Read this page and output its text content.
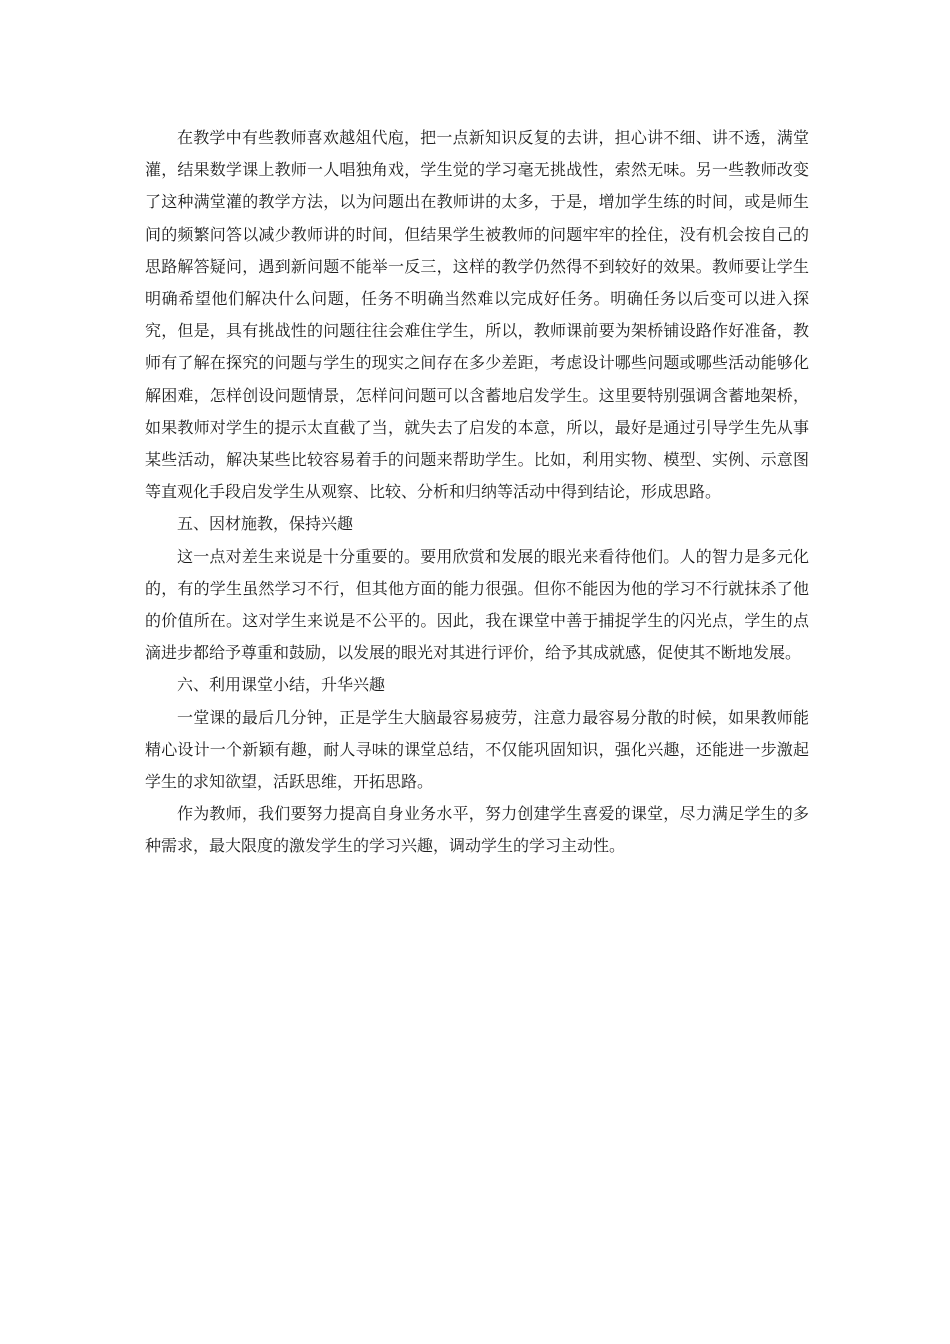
在教学中有些教师喜欢越俎代庖，把一点新知识反复的去讲，担心讲不细、讲不透，满堂灌，结果数学课上教师一人唱独角戏，学生觉的学习毫无挑战性，索然无味。另一些教师改变了这种满堂灌的教学方法，以为问题出在教师讲的太多，于是，增加学生练的时间，或是师生间的频繁问答以减少教师讲的时间，但结果学生被教师的问题牢牢的拴住，没有机会按自己的思路解答疑问，遇到新问题不能举一反三，这样的教学仍然得不到较好的效果。教师要让学生明确希望他们解决什么问题，任务不明确当然难以完成好任务。明确任务以后变可以进入探究，但是，具有挑战性的问题往往会难住学生，所以，教师课前要为架桥铺设路作好准备，教师有了解在探究的问题与学生的现实之间存在多少差距，考虑设计哪些问题或哪些活动能够化解困难，怎样创设问题情景，怎样问问题可以含蓄地启发学生。这里要特别强调含蓄地架桥，如果教师对学生的提示太直截了当，就失去了启发的本意，所以，最好是通过引导学生先从事某些活动，解决某些比较容易着手的问题来帮助学生。比如，利用实物、模型、实例、示意图等直观化手段启发学生从观察、比较、分析和归纳等活动中得到结论，形成思路。

五、因材施教，保持兴趣

这一点对差生来说是十分重要的。要用欣赏和发展的眼光来看待他们。人的智力是多元化的，有的学生虽然学习不行，但其他方面的能力很强。但你不能因为他的学习不行就抹杀了他的价值所在。这对学生来说是不公平的。因此，我在课堂中善于捕捉学生的闪光点，学生的点滴进步都给予尊重和鼓励，以发展的眼光对其进行评价，给予其成就感，促使其不断地发展。

六、利用课堂小结，升华兴趣

一堂课的最后几分钟，正是学生大脑最容易疲劳，注意力最容易分散的时候，如果教师能精心设计一个新颖有趣，耐人寻味的课堂总结，不仅能巩固知识，强化兴趣，还能进一步激起学生的求知欲望，活跃思维，开拓思路。

作为教师，我们要努力提高自身业务水平，努力创建学生喜爱的课堂，尽力满足学生的多种需求，最大限度的激发学生的学习兴趣，调动学生的学习主动性。
